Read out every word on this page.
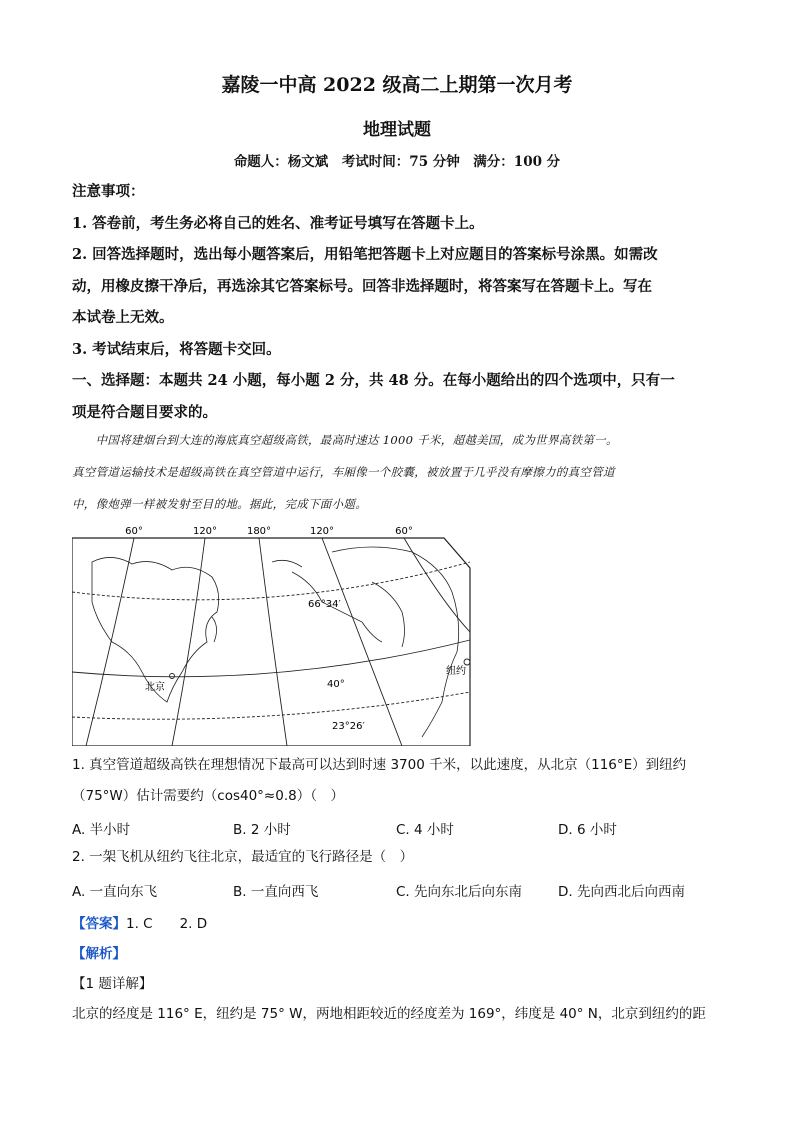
嘉陵一中高 2022 级高二上期第一次月考
地理试题
命题人：杨文斌　考试时间：75 分钟　满分：100 分
注意事项：
1. 答卷前，考生务必将自己的姓名、准考证号填写在答题卡上。
2. 回答选择题时，选出每小题答案后，用铅笔把答题卡上对应题目的答案标号涂黑。如需改
动，用橡皮擦干净后，再选涂其它答案标号。回答非选择题时，将答案写在答题卡上。写在
本试卷上无效。
3. 考试结束后，将答题卡交回。
一、选择题：本题共 24 小题，每小题 2 分，共 48 分。在每小题给出的四个选项中，只有一
项是符合题目要求的。
　　中国将建烟台到大连的海底真空超级高铁，最高时速达 1000 千米，超越美国，成为世界高铁第一。
真空管道运输技术是超级高铁在真空管道中运行，车厢像一个胶囊，被放置于几乎没有摩擦力的真空管道
中，像炮弹一样被发射至目的地。据此，完成下面小题。
60°	120°	180°	120°	60°
66°34′
40°
23°26′
北京
纽约
1. 真空管道超级高铁在理想情况下最高可以达到时速 3700 千米，以此速度，从北京（116°E）到纽约
（75°W）估计需要约（cos40°≈0.8）（　）
A. 半小时	B. 2 小时	C. 4 小时	D. 6 小时
2. 一架飞机从纽约飞往北京，最适宜的飞行路径是（　）
A. 一直向东飞	B. 一直向西飞	C. 先向东北后向东南	D. 先向西北后向西南
【答案】1. C　　2. D
【解析】
【1 题详解】
北京的经度是 116° E，纽约是 75° W，两地相距较近的经度差为 169°，纬度是 40° N，北京到纽约的距
